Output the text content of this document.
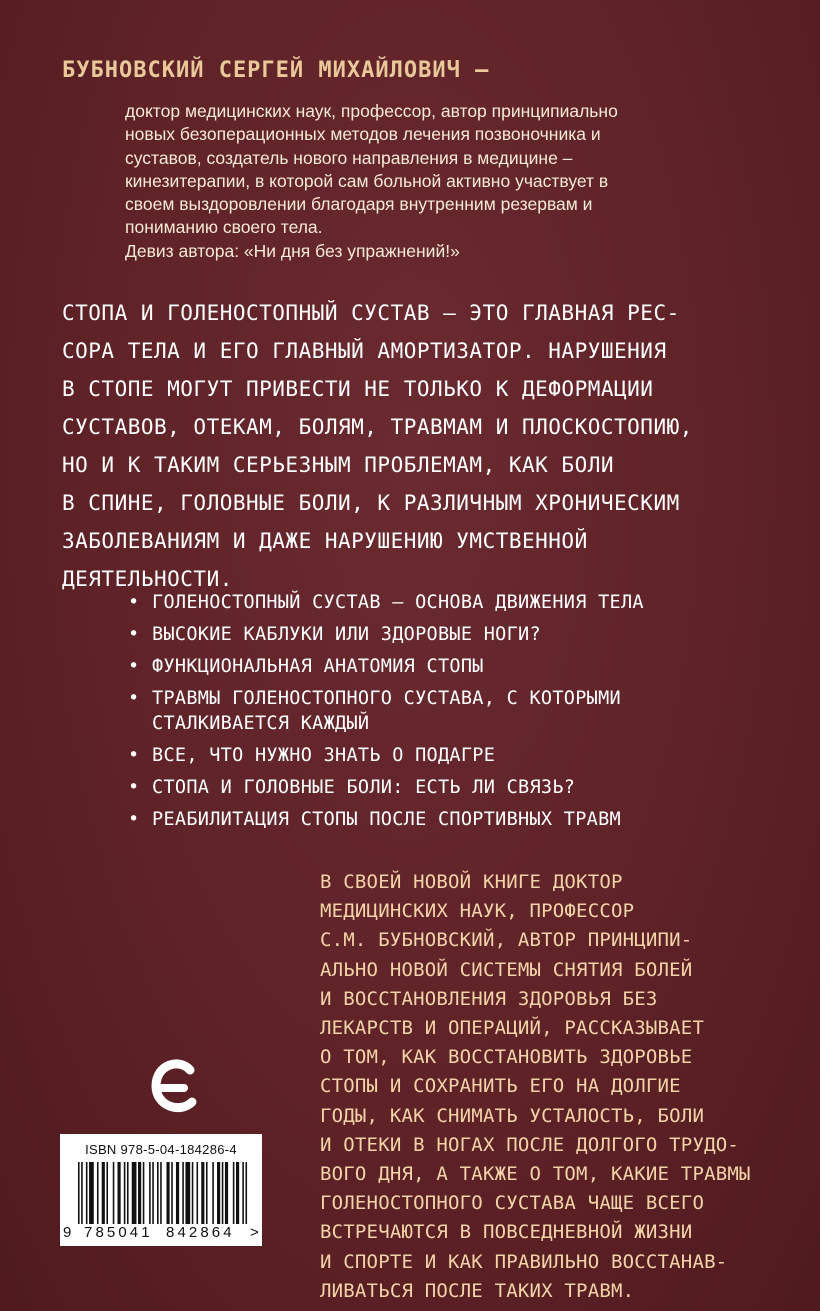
БУБНОВСКИЙ СЕРГЕЙ МИХАЙЛОВИЧ –
доктор медицинских наук, профессор, автор принципиально
новых безоперационных методов лечения позвоночника и
суставов, создатель нового направления в медицине –
кинезитерапии, в которой сам больной активно участвует в
своем выздоровлении благодаря внутренним резервам и
пониманию своего тела.
Девиз автора: «Ни дня без упражнений!»
СТОПА И ГОЛЕНОСТОПНЫЙ СУСТАВ — ЭТО ГЛАВНАЯ РЕС-
СОРА ТЕЛА И ЕГО ГЛАВНЫЙ АМОРТИЗАТОР. НАРУШЕНИЯ
В СТОПЕ МОГУТ ПРИВЕСТИ НЕ ТОЛЬКО К ДЕФОРМАЦИИ
СУСТАВОВ, ОТЕКАМ, БОЛЯМ, ТРАВМАМ И ПЛОСКОСТОПИЮ,
НО И К ТАКИМ СЕРЬЕЗНЫМ ПРОБЛЕМАМ, КАК БОЛИ
В СПИНЕ, ГОЛОВНЫЕ БОЛИ, К РАЗЛИЧНЫМ ХРОНИЧЕСКИМ
ЗАБОЛЕВАНИЯМ И ДАЖЕ НАРУШЕНИЮ УМСТВЕННОЙ
ДЕЯТЕЛЬНОСТИ.
• ГОЛЕНОСТОПНЫЙ СУСТАВ — ОСНОВА ДВИЖЕНИЯ ТЕЛА
• ВЫСОКИЕ КАБЛУКИ ИЛИ ЗДОРОВЫЕ НОГИ?
• ФУНКЦИОНАЛЬНАЯ АНАТОМИЯ СТОПЫ
• ТРАВМЫ ГОЛЕНОСТОПНОГО СУСТАВА, С КОТОРЫМИ
СТАЛКИВАЕТСЯ КАЖДЫЙ
• ВСЕ, ЧТО НУЖНО ЗНАТЬ О ПОДАГРЕ
• СТОПА И ГОЛОВНЫЕ БОЛИ: ЕСТЬ ЛИ СВЯЗЬ?
• РЕАБИЛИТАЦИЯ СТОПЫ ПОСЛЕ СПОРТИВНЫХ ТРАВМ
В СВОЕЙ НОВОЙ КНИГЕ ДОКТОР
МЕДИЦИНСКИХ НАУК, ПРОФЕССОР
С.М. БУБНОВСКИЙ, АВТОР ПРИНЦИПИ-
АЛЬНО НОВОЙ СИСТЕМЫ СНЯТИЯ БОЛЕЙ
И ВОССТАНОВЛЕНИЯ ЗДОРОВЬЯ БЕЗ
ЛЕКАРСТВ И ОПЕРАЦИЙ, РАССКАЗЫВАЕТ
О ТОМ, КАК ВОССТАНОВИТЬ ЗДОРОВЬЕ
СТОПЫ И СОХРАНИТЬ ЕГО НА ДОЛГИЕ
ГОДЫ, КАК СНИМАТЬ УСТАЛОСТЬ, БОЛИ
И ОТЕКИ В НОГАХ ПОСЛЕ ДОЛГОГО ТРУДО-
ВОГО ДНЯ, А ТАКЖЕ О ТОМ, КАКИЕ ТРАВМЫ
ГОЛЕНОСТОПНОГО СУСТАВА ЧАЩЕ ВСЕГО
ВСТРЕЧАЮТСЯ В ПОВСЕДНЕВНОЙ ЖИЗНИ
И СПОРТЕ И КАК ПРАВИЛЬНО ВОССТАНАВ-
ЛИВАТЬСЯ ПОСЛЕ ТАКИХ ТРАВМ.
ISBN 978-5-04-184286-4
9 785041 842864 >
